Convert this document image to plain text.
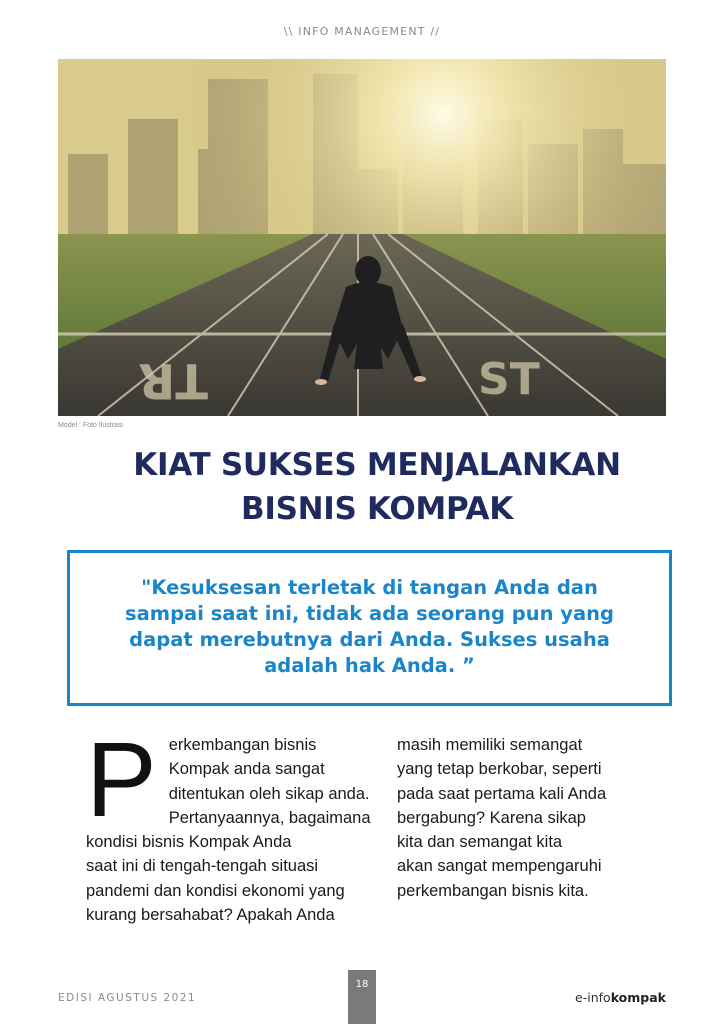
\\ INFO MANAGEMENT //
TR	ST
Model : Foto Ilustrasi
KIAT SUKSES MENJALANKAN
BISNIS KOMPAK
"Kesuksesan terletak di tangan Anda dan
sampai saat ini, tidak ada seorang pun yang
dapat merebutnya dari Anda. Sukses usaha
adalah hak Anda. ”
P erkembangan bisnis
Kompak anda sangat
ditentukan oleh sikap anda.
Pertanyaannya, bagaimana
kondisi bisnis Kompak Anda
saat ini di tengah-tengah situasi
pandemi dan kondisi ekonomi yang
kurang bersahabat? Apakah Anda

masih memiliki semangat
yang tetap berkobar, seperti
pada saat pertama kali Anda
bergabung? Karena sikap
kita dan semangat kita
akan sangat mempengaruhi
perkembangan bisnis kita.

EDISI AGUSTUS 2021
18
e-infokompak
